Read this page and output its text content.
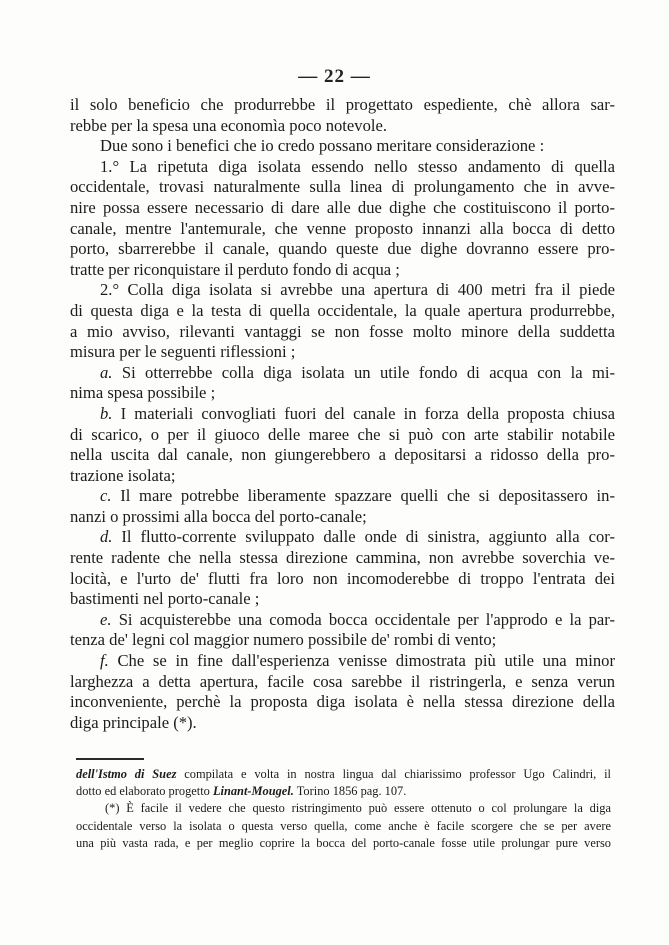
— 22 —
il solo beneficio che produrrebbe il progettato espediente, chè allora sar-
rebbe per la spesa una economìa poco notevole.
Due sono i benefici che io credo possano meritare considerazione :
1.° La ripetuta diga isolata essendo nello stesso andamento di quella
occidentale, trovasi naturalmente sulla linea di prolungamento che in avve-
nire possa essere necessario di dare alle due dighe che costituiscono il porto-
canale, mentre l'antemurale, che venne proposto innanzi alla bocca di detto
porto, sbarrerebbe il canale, quando queste due dighe dovranno essere pro-
tratte per riconquistare il perduto fondo di acqua ;
2.° Colla diga isolata si avrebbe una apertura di 400 metri fra il piede
di questa diga e la testa di quella occidentale, la quale apertura produrrebbe,
a mio avviso, rilevanti vantaggi se non fosse molto minore della suddetta
misura per le seguenti riflessioni ;
a. Si otterrebbe colla diga isolata un utile fondo di acqua con la mi-
nima spesa possibile ;
b. I materiali convogliati fuori del canale in forza della proposta chiusa
di scarico, o per il giuoco delle maree che si può con arte stabilir notabile
nella uscita dal canale, non giungerebbero a depositarsi a ridosso della pro-
trazione isolata;
c. Il mare potrebbe liberamente spazzare quelli che si depositassero in-
nanzi o prossimi alla bocca del porto-canale;
d. Il flutto-corrente sviluppato dalle onde di sinistra, aggiunto alla cor-
rente radente che nella stessa direzione cammina, non avrebbe soverchia ve-
locità, e l'urto de' flutti fra loro non incomoderebbe di troppo l'entrata dei
bastimenti nel porto-canale ;
e. Si acquisterebbe una comoda bocca occidentale per l'approdo e la par-
tenza de' legni col maggior numero possibile de' rombi di vento;
f. Che se in fine dall'esperienza venisse dimostrata più utile una minor
larghezza a detta apertura, facile cosa sarebbe il ristringerla, e senza verun
inconveniente, perchè la proposta diga isolata è nella stessa direzione della
diga principale (*).
dell'Istmo di Suez compilata e volta in nostra lingua dal chiarissimo professor Ugo Calindri, il
dotto ed elaborato progetto Linant-Mougel. Torino 1856 pag. 107.
(*) È facile il vedere che questo ristringimento può essere ottenuto o col prolungare la diga
occidentale verso la isolata o questa verso quella, come anche è facile scorgere che se per avere
una più vasta rada, e per meglio coprire la bocca del porto-canale fosse utile prolungar pure verso
